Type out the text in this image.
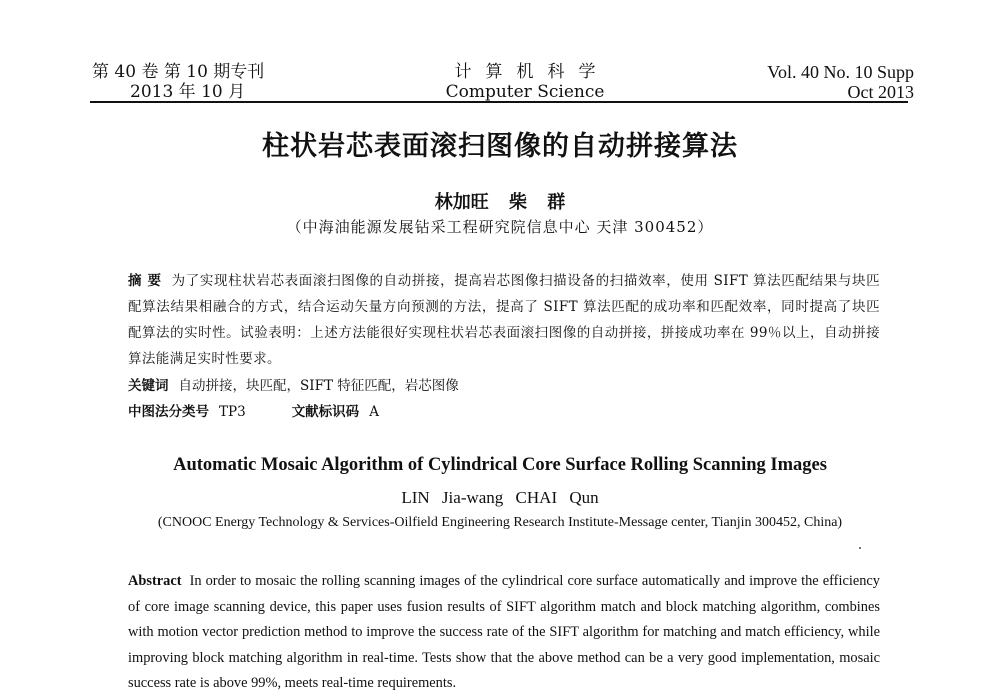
第 40 卷 第 10 期专刊
2013 年 10 月
计算机科学
Computer Science
Vol. 40 No. 10 Supp
Oct 2013
柱状岩芯表面滚扫图像的自动拼接算法
林加旺 柴 群
（中海油能源发展钻采工程研究院信息中心 天津 300452）
摘 要 为了实现柱状岩芯表面滚扫图像的自动拼接，提高岩芯图像扫描设备的扫描效率，使用 SIFT 算法匹配结果与块匹配算法结果相融合的方式，结合运动矢量方向预测的方法，提高了 SIFT 算法匹配的成功率和匹配效率，同时提高了块匹配算法的实时性。试验表明：上述方法能很好实现柱状岩芯表面滚扫图像的自动拼接，拼接成功率在 99％以上，自动拼接算法能满足实时性要求。
关键词 自动拼接，块匹配，SIFT 特征匹配，岩芯图像
中图法分类号 TP3	文献标识码 A
Automatic Mosaic Algorithm of Cylindrical Core Surface Rolling Scanning Images
LIN Jia-wang CHAI Qun
(CNOOC Energy Technology & Services-Oilfield Engineering Research Institute-Message center, Tianjin 300452, China)
Abstract In order to mosaic the rolling scanning images of the cylindrical core surface automatically and improve the efficiency of core image scanning device, this paper uses fusion results of SIFT algorithm match and block matching algorithm, combines with motion vector prediction method to improve the success rate of the SIFT algorithm for matching and match efficiency, while improving block matching algorithm in real-time. Tests show that the above method can be a very good implementation, mosaic success rate is above 99%, meets real-time requirements.
